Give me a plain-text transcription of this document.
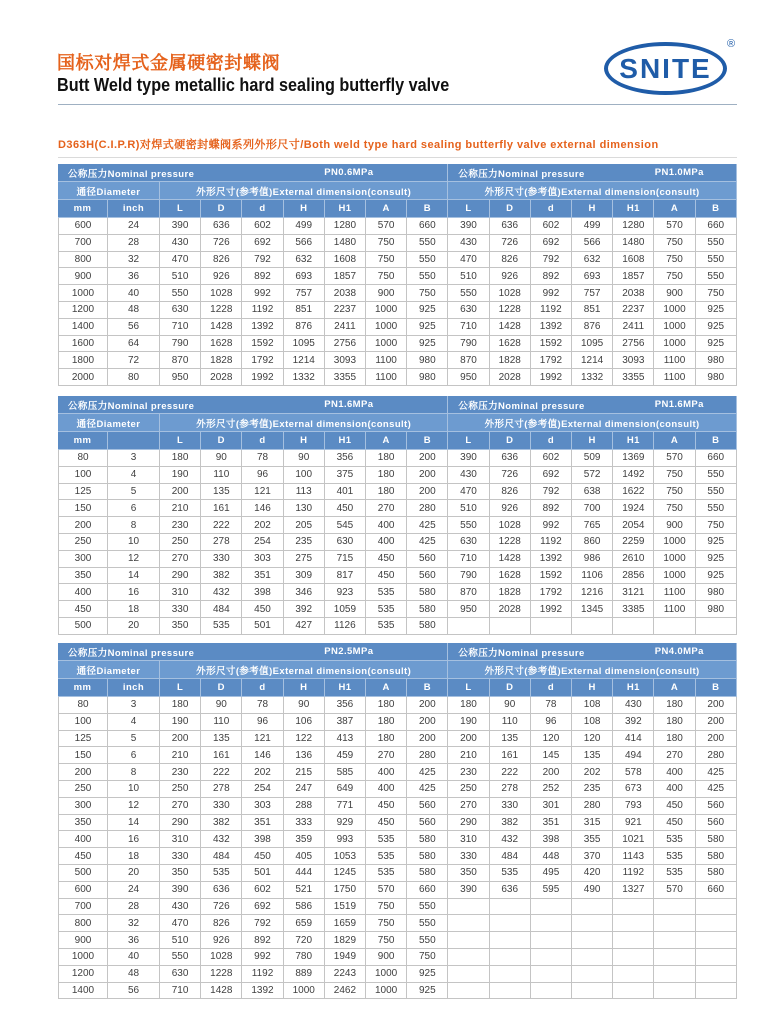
国标对焊式金属硬密封蝶阀
Butt Weld type metallic hard sealing butterfly valve
SNITE
®
D363H(C.I.P.R)对焊式硬密封蝶阀系列外形尺寸/Both weld type hard sealing butterfly valve external dimension
公称压力Nominal pressure	PN0.6MPa	公称压力Nominal pressure	PN1.0MPa
通径Diameter	外形尺寸(参考值)External dimension(consult)	外形尺寸(参考值)External dimension(consult)
mm	inch	L	D	d	H	H1	A	B	L	D	d	H	H1	A	B
600	24	390	636	602	499	1280	570	660	390	636	602	499	1280	570	660
700	28	430	726	692	566	1480	750	550	430	726	692	566	1480	750	550
800	32	470	826	792	632	1608	750	550	470	826	792	632	1608	750	550
900	36	510	926	892	693	1857	750	550	510	926	892	693	1857	750	550
1000	40	550	1028	992	757	2038	900	750	550	1028	992	757	2038	900	750
1200	48	630	1228	1192	851	2237	1000	925	630	1228	1192	851	2237	1000	925
1400	56	710	1428	1392	876	2411	1000	925	710	1428	1392	876	2411	1000	925
1600	64	790	1628	1592	1095	2756	1000	925	790	1628	1592	1095	2756	1000	925
1800	72	870	1828	1792	1214	3093	1100	980	870	1828	1792	1214	3093	1100	980
2000	80	950	2028	1992	1332	3355	1100	980	950	2028	1992	1332	3355	1100	980
公称压力Nominal pressure	PN1.6MPa	公称压力Nominal pressure	PN1.6MPa
通径Diameter	外形尺寸(参考值)External dimension(consult)	外形尺寸(参考值)External dimension(consult)
mm	L	D	d	H	H1	A	B	L	D	d	H	H1	A	B
80	3	180	90	78	90	356	180	200	390	636	602	509	1369	570	660
100	4	190	110	96	100	375	180	200	430	726	692	572	1492	750	550
125	5	200	135	121	113	401	180	200	470	826	792	638	1622	750	550
150	6	210	161	146	130	450	270	280	510	926	892	700	1924	750	550
200	8	230	222	202	205	545	400	425	550	1028	992	765	2054	900	750
250	10	250	278	254	235	630	400	425	630	1228	1192	860	2259	1000	925
300	12	270	330	303	275	715	450	560	710	1428	1392	986	2610	1000	925
350	14	290	382	351	309	817	450	560	790	1628	1592	1106	2856	1000	925
400	16	310	432	398	346	923	535	580	870	1828	1792	1216	3121	1100	980
450	18	330	484	450	392	1059	535	580	950	2028	1992	1345	3385	1100	980
500	20	350	535	501	427	1126	535	580
公称压力Nominal pressure	PN2.5MPa	公称压力Nominal pressure	PN4.0MPa
通径Diameter	外形尺寸(参考值)External dimension(consult)	外形尺寸(参考值)External dimension(consult)
mm	inch	L	D	d	H	H1	A	B	L	D	d	H	H1	A	B
80	3	180	90	78	90	356	180	200	180	90	78	108	430	180	200
100	4	190	110	96	106	387	180	200	190	110	96	108	392	180	200
125	5	200	135	121	122	413	180	200	200	135	120	120	414	180	200
150	6	210	161	146	136	459	270	280	210	161	145	135	494	270	280
200	8	230	222	202	215	585	400	425	230	222	200	202	578	400	425
250	10	250	278	254	247	649	400	425	250	278	252	235	673	400	425
300	12	270	330	303	288	771	450	560	270	330	301	280	793	450	560
350	14	290	382	351	333	929	450	560	290	382	351	315	921	450	560
400	16	310	432	398	359	993	535	580	310	432	398	355	1021	535	580
450	18	330	484	450	405	1053	535	580	330	484	448	370	1143	535	580
500	20	350	535	501	444	1245	535	580	350	535	495	420	1192	535	580
600	24	390	636	602	521	1750	570	660	390	636	595	490	1327	570	660
700	28	430	726	692	586	1519	750	550
800	32	470	826	792	659	1659	750	550
900	36	510	926	892	720	1829	750	550
1000	40	550	1028	992	780	1949	900	750
1200	48	630	1228	1192	889	2243	1000	925
1400	56	710	1428	1392	1000	2462	1000	925
